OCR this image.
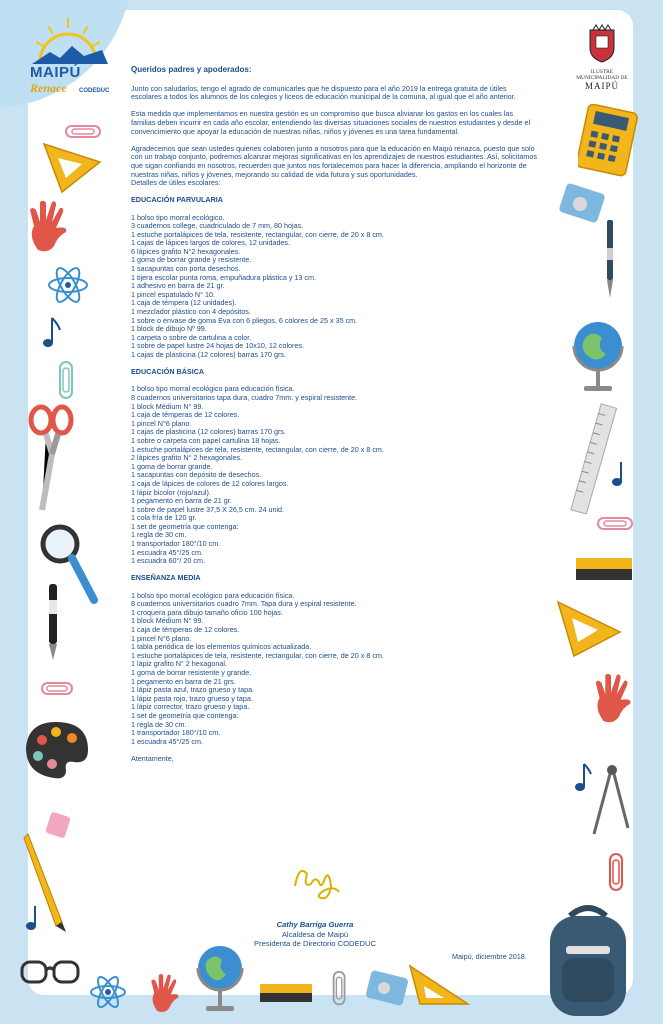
MAIPÚ
Renace CODEDUC
ILUSTRE
MUNICIPALIDAD DE
MAIPÚ

Queridos padres y apoderados:

Junto con saludarlos, tengo el agrado de comunicarles que he dispuesto para el año 2019 la entrega gratuita de útiles escolares a todos los alumnos de los colegios y liceos de educación municipal de la comuna, al igual que el año anterior.

Esta medida que implementamos en nuestra gestión es un compromiso que busca alivianar los gastos en los cuales las familias deben incurrir en cada año escolar, entendiendo las diversas situaciones sociales de nuestros estudiantes y desde el convencimiento que apoyar la educación de nuestras niñas, niños y jóvenes es una tarea fundamental.

Agradecemos que sean ustedes quienes colaboren junto a nosotros para que la educación en Maipú renazca, puesto que solo con un trabajo conjunto, podremos alcanzar mejoras significativas en los aprendizajes de nuestros estudiantes. Así, solicitamos que sigan confiando en nosotros, recuerden que juntos nos fortalecemos para hacer la diferencia, ampliando el horizonte de nuestras niñas, niños y jóvenes, mejorando su calidad de vida futura y sus oportunidades.

Detalles de útiles escolares:

EDUCACIÓN PARVULARIA

1 bolso tipo morral ecológico.
3 cuadernos college, cuadriculado de 7 mm, 80 hojas.
1 estuche portalápices de tela, resistente, rectangular, con cierre, de 20 x 8 cm.
1 cajas de lápices largos de colores, 12 unidades.
6 lápices grafito N°2 hexagonales.
1 goma de borrar grande y resistente.
1 sacapuntas con porta desechos.
1 tijera escolar punta roma, empuñadura plástica y 13 cm.
1 adhesivo en barra de 21 gr.
1 pincel espatulado N° 10.
1 caja de témpera (12 unidades).
1 mezclador plástico con 4 depósitos.
1 sobre o envase de goma Eva con 6 pliegos, 6 colores de 25 x 35 cm.
1 block de dibujo Nº 99.
1 carpeta o sobre de cartulina a color.
1 sobre de papel lustre 24 hojas de 10x10, 12 colores.
1 cajas de plasticina (12 colores) barras 170 grs.

EDUCACIÓN BÁSICA

1 bolso tipo morral ecológico para educación física.
8 cuadernos universitarios tapa dura, cuadro 7mm. y espiral resistente.
1 block Médium N° 99.
1 caja de témperas de 12 colores.
1 pincel N°6 plano.
1 cajas de plasticina (12 colores) barras 170 grs.
1 sobre o carpeta con papel cartulina 18 hojas.
1 estuche portalápices de tela, resistente, rectangular, con cierre, de 20 x 8 cm.
2 lápices grafito N° 2 hexagonales.
1 goma de borrar grande.
1 sacapuntas con depósito de desechos.
1 caja de lápices de colores de 12 colores largos.
1 lápiz bicolor (rojo/azul).
1 pegamento en barra de 21 gr.
1 sobre de papel lustre 37,5 X 26,5 cm. 24 unid.
1 cola fría de 120 gr.
1 set de geometría que contenga:
1 regla de 30 cm.
1 transportador 180°/10 cm.
1 escuadra 45°/25 cm.
1 escuadra 60°/ 20 cm.

ENSEÑANZA MEDIA

1 bolso tipo morral ecológico para educación física.
8 cuadernos universitarios cuadro 7mm. Tapa dura y espiral resistente.
1 croquera para dibujo tamaño oficio 100 hojas.
1 block Médium N° 99.
1 caja de témperas de 12 colores.
1 pincel N°6 plano.
1 tabla periódica de los elementos químicos actualizada.
1 estuche portalápices de tela, resistente, rectangular, con cierre, de 20 x 8 cm.
1 lápiz grafito N° 2 hexagonal.
1 goma de borrar resistente y grande.
1 pegamento en barra de 21 grs.
1 lápiz pasta azul, trazo grueso y tapa.
1 lápiz pasta rojo, trazo grueso y tapa.
1 lápiz corrector, trazo grueso y tapa.
1 set de geometría que contenga:
1 regla de 30 cm.
1 transportador 180°/10 cm.
1 escuadra 45°/25 cm.

Atentamente,

Cathy Barriga Guerra
Alcaldesa de Maipú
Presidenta de Directorio CODEDUC
Maipú, diciembre 2018.
